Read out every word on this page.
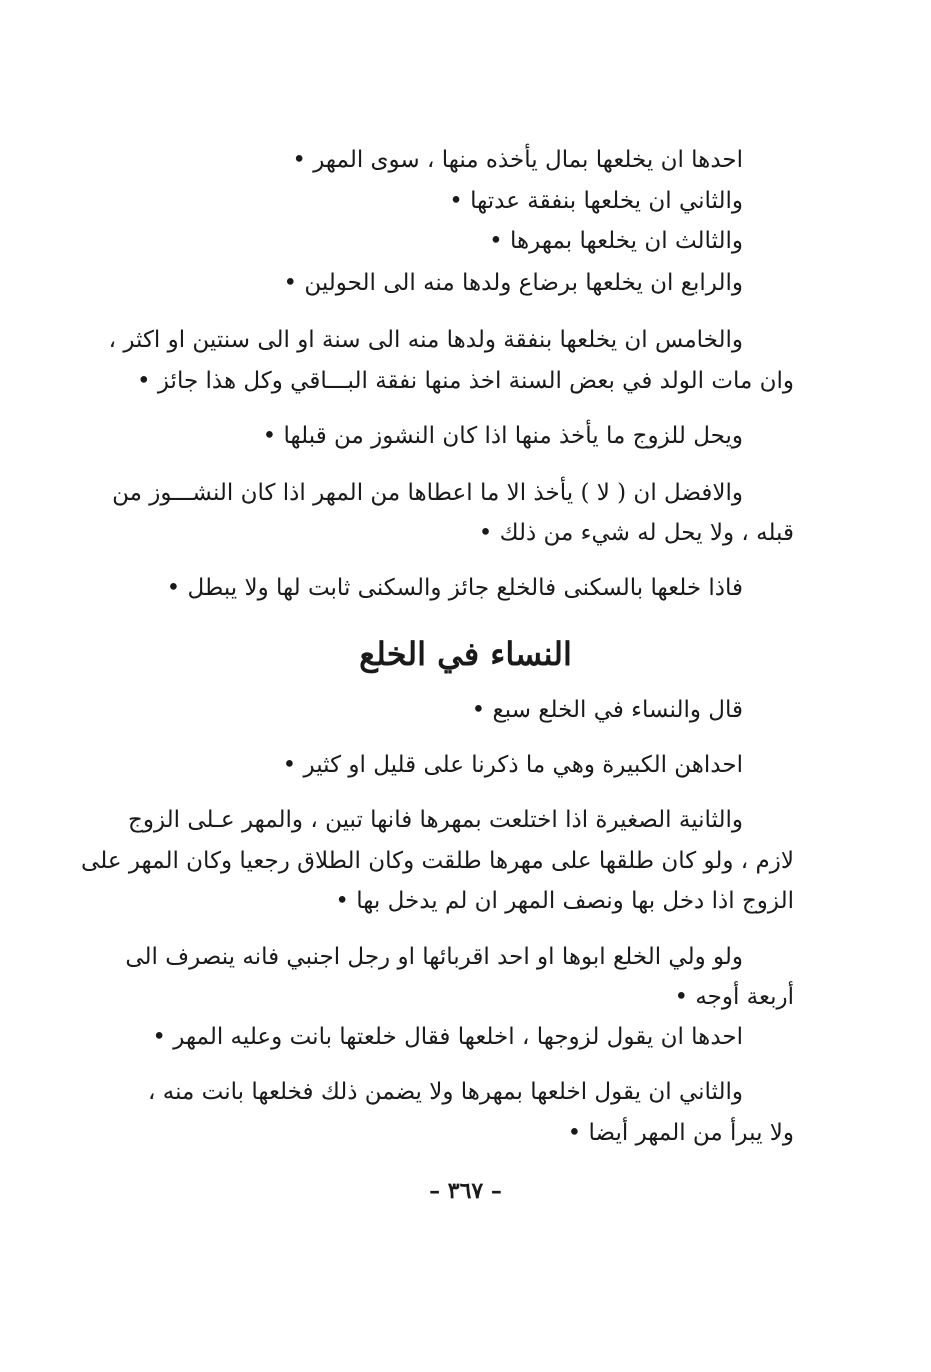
احدها ان يخلعها بمال يأخذه منها ، سوى المهر •
والثاني ان يخلعها بنفقة عدتها •
والثالث ان يخلعها بمهرها •
والرابع ان يخلعها برضاع ولدها منه الى الحولين •
والخامس ان يخلعها بنفقة ولدها منه الى سنة او الى سنتين او اكثر ،
وان مات الولد في بعض السنة اخذ منها نفقة البـــاقي وكل هذا جائز •
ويحل للزوج ما يأخذ منها اذا كان النشوز من قبلها •
والافضل ان ( لا ) يأخذ الا ما اعطاها من المهر اذا كان النشـــوز من
قبله ، ولا يحل له شيء من ذلك •
فاذا خلعها بالسكنى فالخلع جائز والسكنى ثابت لها ولا يبطل •
النساء في الخلع
قال والنساء في الخلع سبع •
احداهن الكبيرة وهي ما ذكرنا على قليل او كثير •
والثانية الصغيرة اذا اختلعت بمهرها فانها تبين ، والمهر عـلى الزوج
لازم ، ولو كان طلقها على مهرها طلقت وكان الطلاق رجعيا وكان المهر على
الزوج اذا دخل بها ونصف المهر ان لم يدخل بها •
ولو ولي الخلع ابوها او احد اقربائها او رجل اجنبي فانه ينصرف الى
أربعة أوجه •
احدها ان يقول لزوجها ، اخلعها فقال خلعتها بانت وعليه المهر •
والثاني ان يقول اخلعها بمهرها ولا يضمن ذلك فخلعها بانت منه ،
ولا يبرأ من المهر أيضا •
– ٣٦٧ –
